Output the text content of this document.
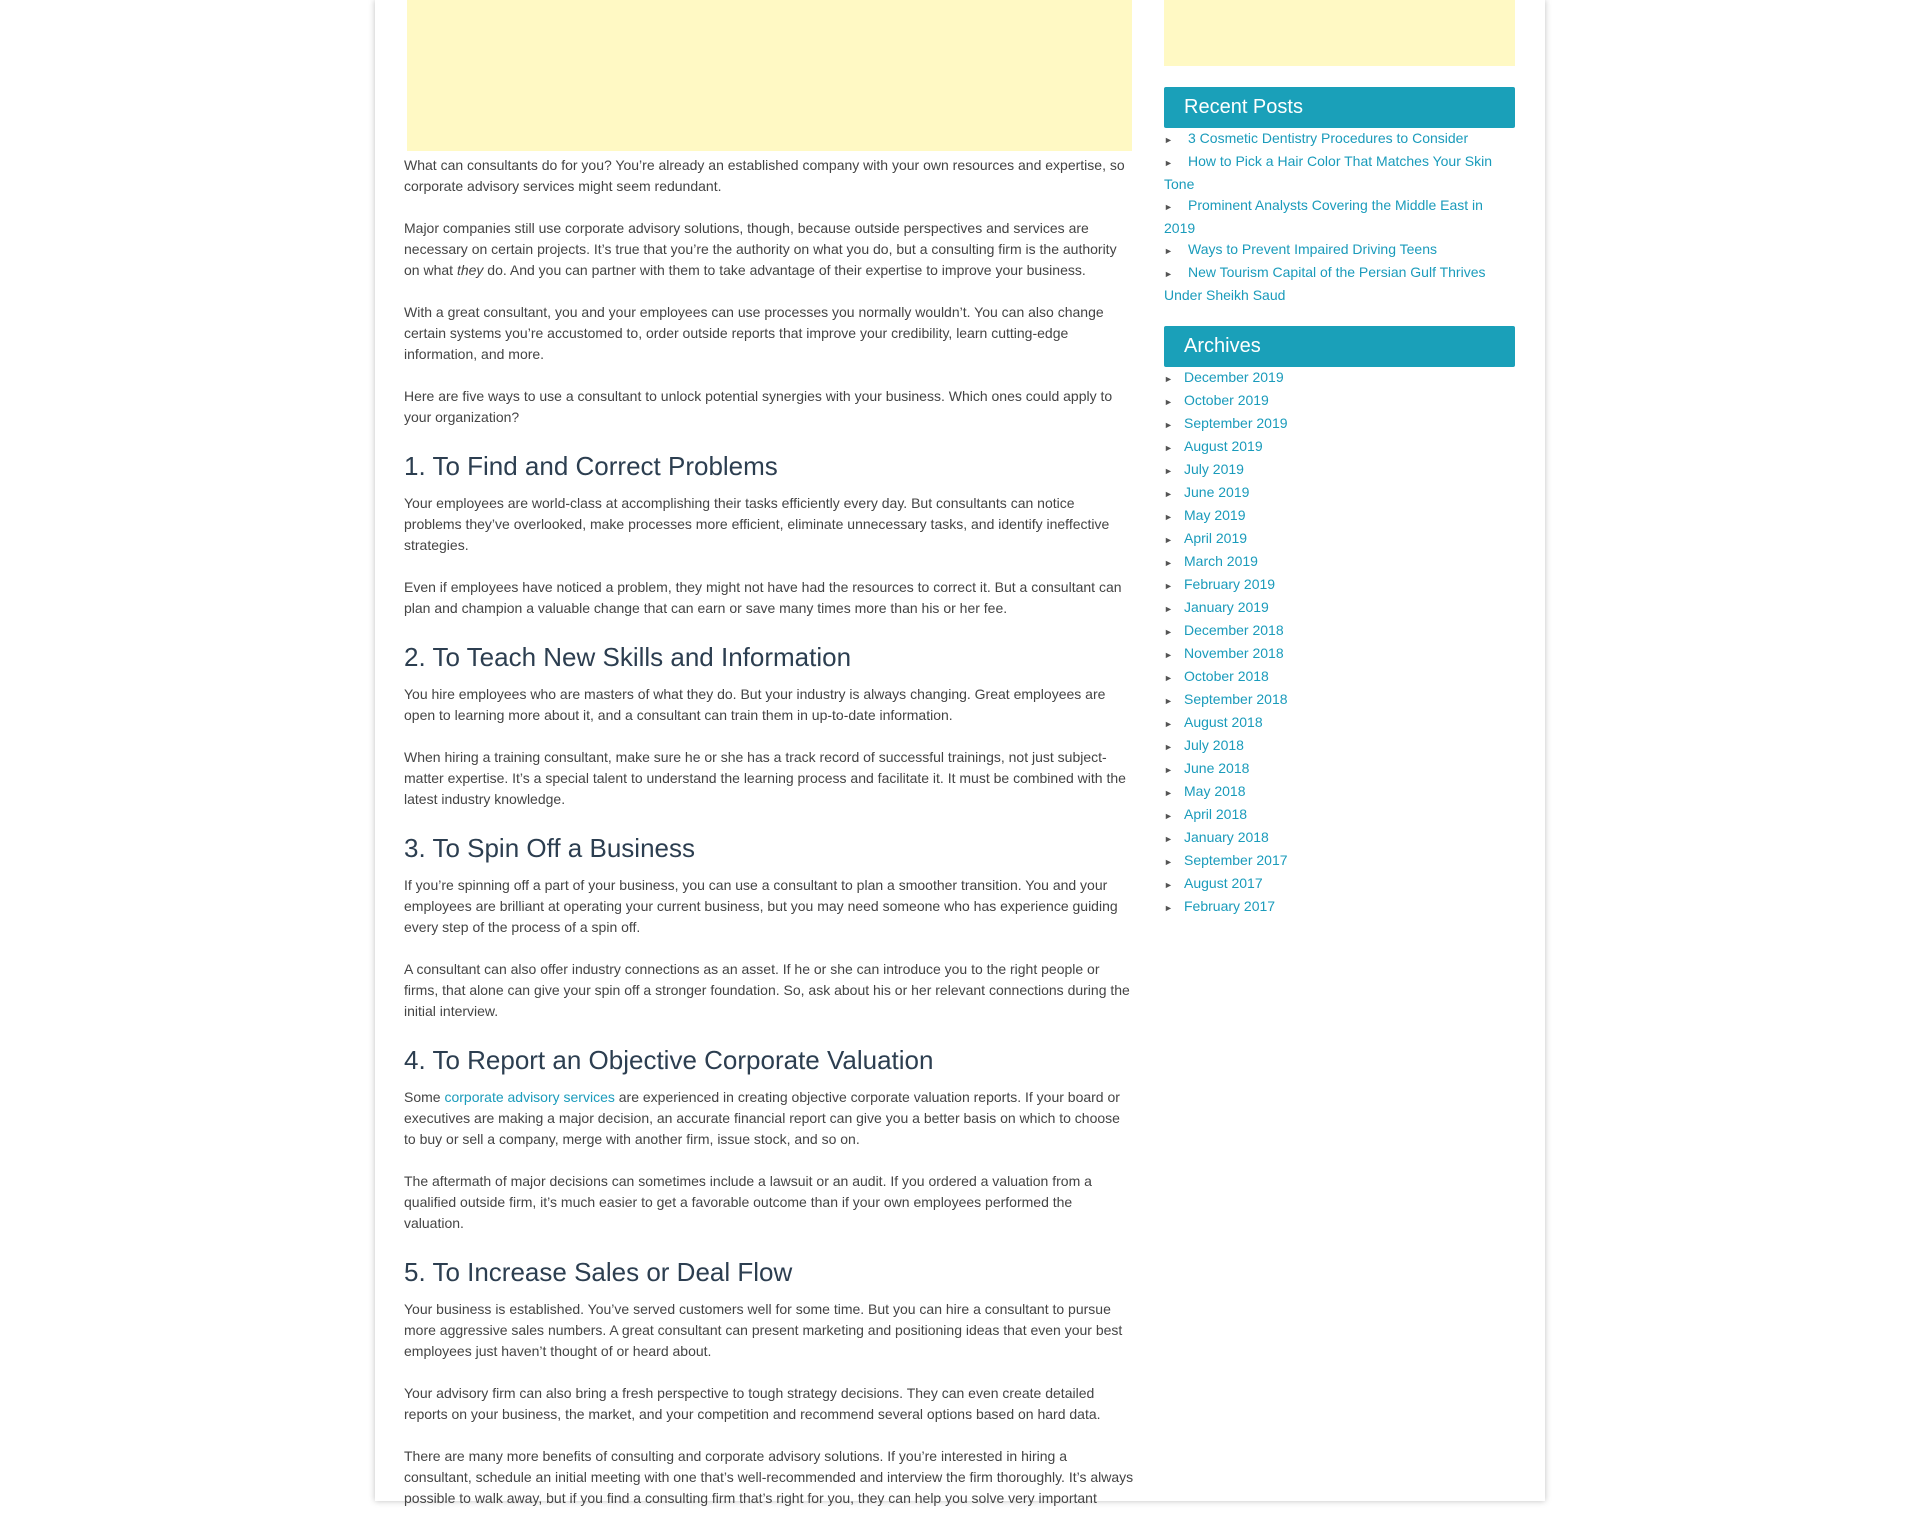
What can consultants do for you? You’re already an established company with your own resources and expertise, so corporate advisory services might seem redundant.

Major companies still use corporate advisory solutions, though, because outside perspectives and services are necessary on certain projects. It’s true that you’re the authority on what you do, but a consulting firm is the authority on what they do. And you can partner with them to take advantage of their expertise to improve your business.

With a great consultant, you and your employees can use processes you normally wouldn’t. You can also change certain systems you’re accustomed to, order outside reports that improve your credibility, learn cutting-edge information, and more.

Here are five ways to use a consultant to unlock potential synergies with your business. Which ones could apply to your organization?

1. To Find and Correct Problems

Your employees are world-class at accomplishing their tasks efficiently every day. But consultants can notice problems they’ve overlooked, make processes more efficient, eliminate unnecessary tasks, and identify ineffective strategies.

Even if employees have noticed a problem, they might not have had the resources to correct it. But a consultant can plan and champion a valuable change that can earn or save many times more than his or her fee.

2. To Teach New Skills and Information

You hire employees who are masters of what they do. But your industry is always changing. Great employees are open to learning more about it, and a consultant can train them in up-to-date information.

When hiring a training consultant, make sure he or she has a track record of successful trainings, not just subject-matter expertise. It’s a special talent to understand the learning process and facilitate it. It must be combined with the latest industry knowledge.

3. To Spin Off a Business

If you’re spinning off a part of your business, you can use a consultant to plan a smoother transition. You and your employees are brilliant at operating your current business, but you may need someone who has experience guiding every step of the process of a spin off.

A consultant can also offer industry connections as an asset. If he or she can introduce you to the right people or firms, that alone can give your spin off a stronger foundation. So, ask about his or her relevant connections during the initial interview.

4. To Report an Objective Corporate Valuation

Some corporate advisory services are experienced in creating objective corporate valuation reports. If your board or executives are making a major decision, an accurate financial report can give you a better basis on which to choose to buy or sell a company, merge with another firm, issue stock, and so on.

The aftermath of major decisions can sometimes include a lawsuit or an audit. If you ordered a valuation from a qualified outside firm, it’s much easier to get a favorable outcome than if your own employees performed the valuation.

5. To Increase Sales or Deal Flow

Your business is established. You’ve served customers well for some time. But you can hire a consultant to pursue more aggressive sales numbers. A great consultant can present marketing and positioning ideas that even your best employees just haven’t thought of or heard about.

Your advisory firm can also bring a fresh perspective to tough strategy decisions. They can even create detailed reports on your business, the market, and your competition and recommend several options based on hard data.

There are many more benefits of consulting and corporate advisory solutions. If you’re interested in hiring a consultant, schedule an initial meeting with one that’s well-recommended and interview the firm thoroughly. It’s always possible to walk away, but if you find a consulting firm that’s right for you, they can help you solve very important

Recent Posts
► 3 Cosmetic Dentistry Procedures to Consider
► How to Pick a Hair Color That Matches Your Skin Tone
► Prominent Analysts Covering the Middle East in 2019
► Ways to Prevent Impaired Driving Teens
► New Tourism Capital of the Persian Gulf Thrives Under Sheikh Saud
Archives
► December 2019
► October 2019
► September 2019
► August 2019
► July 2019
► June 2019
► May 2019
► April 2019
► March 2019
► February 2019
► January 2019
► December 2018
► November 2018
► October 2018
► September 2018
► August 2018
► July 2018
► June 2018
► May 2018
► April 2018
► January 2018
► September 2017
► August 2017
► February 2017
